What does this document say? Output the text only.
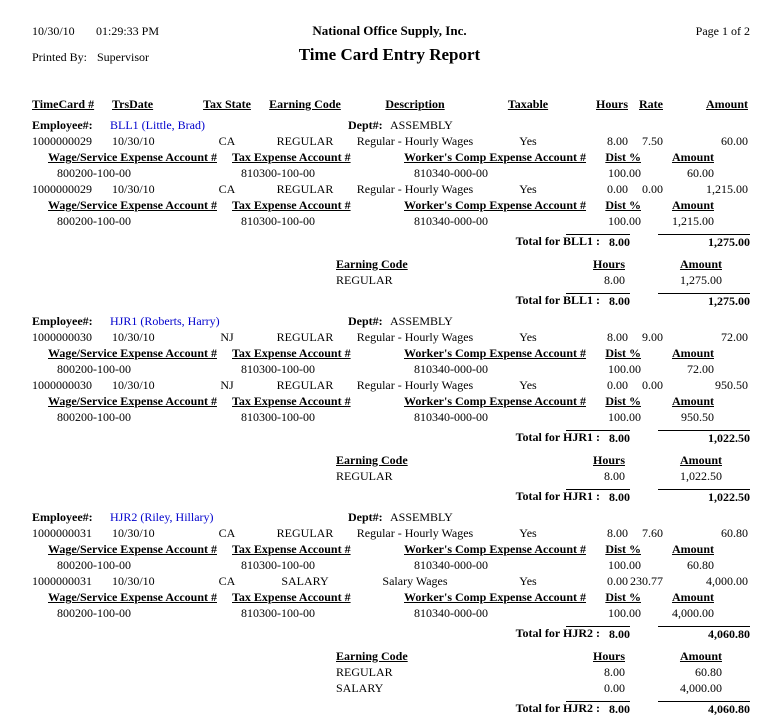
10/30/10 01:29:33 PM	National Office Supply, Inc.	Page 1 of 2
Printed By: Supervisor	Time Card Entry Report
TimeCard # TrsDate	Tax State	Earning Code	Description	Taxable	Hours Rate	Amount
Employee#: BLL1 (Little, Brad)	Dept#: ASSEMBLY
1000000029 10/30/10	CA	REGULAR	Regular - Hourly Wages	Yes	8.00	7.50	60.00
Wage/Service Expense Account # Tax Expense Account #	Worker's Comp Expense Account #	Dist %	Amount
800200-100-00	810300-100-00	810340-000-00	100.00	60.00
1000000029 10/30/10	CA	REGULAR	Regular - Hourly Wages	Yes	0.00	0.00	1,215.00
Wage/Service Expense Account # Tax Expense Account #	Worker's Comp Expense Account #	Dist %	Amount
800200-100-00	810300-100-00	810340-000-00	100.00	1,215.00
Total for BLL1 : 8.00	1,275.00
Earning Code	Hours	Amount
REGULAR	8.00	1,275.00
Total for BLL1 : 8.00	1,275.00
Employee#: HJR1 (Roberts, Harry)	Dept#: ASSEMBLY
1000000030 10/30/10	NJ	REGULAR	Regular - Hourly Wages	Yes	8.00	9.00	72.00
Wage/Service Expense Account # Tax Expense Account #	Worker's Comp Expense Account #	Dist %	Amount
800200-100-00	810300-100-00	810340-000-00	100.00	72.00
1000000030 10/30/10	NJ	REGULAR	Regular - Hourly Wages	Yes	0.00	0.00	950.50
Wage/Service Expense Account # Tax Expense Account #	Worker's Comp Expense Account #	Dist %	Amount
800200-100-00	810300-100-00	810340-000-00	100.00	950.50
Total for HJR1 : 8.00	1,022.50
Earning Code	Hours	Amount
REGULAR	8.00	1,022.50
Total for HJR1 : 8.00	1,022.50
Employee#: HJR2 (Riley, Hillary)	Dept#: ASSEMBLY
1000000031 10/30/10	CA	REGULAR	Regular - Hourly Wages	Yes	8.00	7.60	60.80
Wage/Service Expense Account # Tax Expense Account #	Worker's Comp Expense Account #	Dist %	Amount
800200-100-00	810300-100-00	810340-000-00	100.00	60.80
1000000031 10/30/10	CA	SALARY	Salary Wages	Yes	0.00 230.77	4,000.00
Wage/Service Expense Account # Tax Expense Account #	Worker's Comp Expense Account #	Dist %	Amount
800200-100-00	810300-100-00	810340-000-00	100.00	4,000.00
Total for HJR2 : 8.00	4,060.80
Earning Code	Hours	Amount
REGULAR	8.00	60.80
SALARY	0.00	4,000.00
Total for HJR2 : 8.00	4,060.80
